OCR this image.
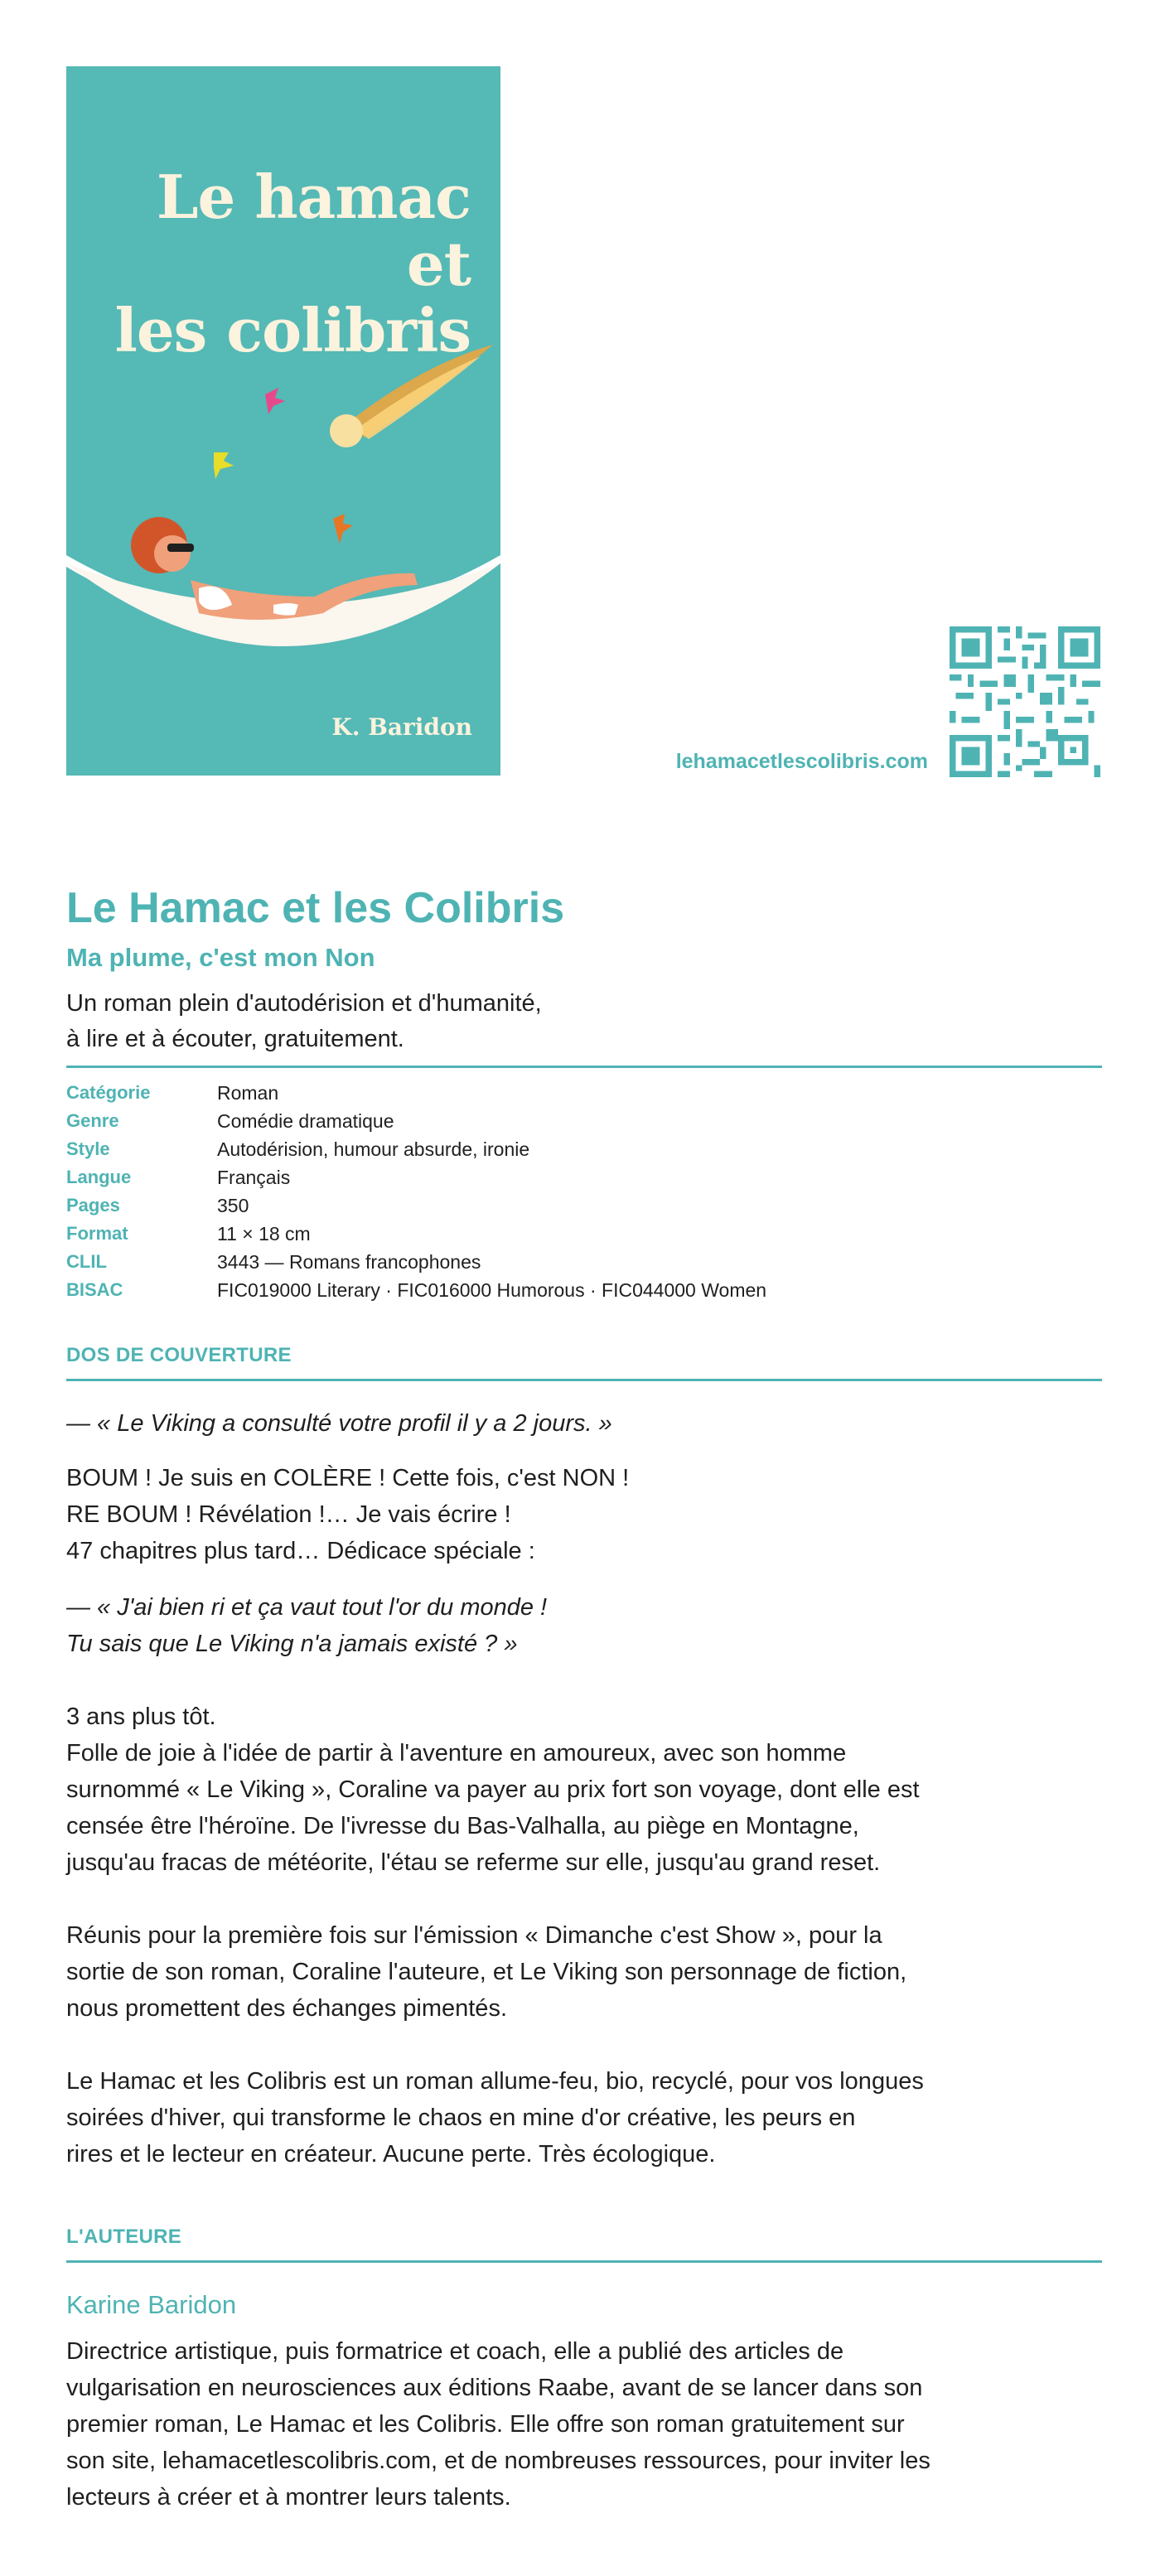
Le hamac et
les colibris
K. Baridon
lehamacetlescolibris.com
Le Hamac et les Colibris
Ma plume, c'est mon Non

Un roman plein d'autodérision et d'humanité,
à lire et à écouter, gratuitement.

Catégorie	Roman
Genre	Comédie dramatique
Style	Autodérision, humour absurde, ironie
Langue	Français
Pages	350
Format	11 × 18 cm
CLIL	3443 — Romans francophones
BISAC	FIC019000 Literary · FIC016000 Humorous · FIC044000 Women
DOS DE COUVERTURE

— « Le Viking a consulté votre profil il y a 2 jours. »

BOUM ! Je suis en COLÈRE ! Cette fois, c'est NON !
RE BOUM ! Révélation !… Je vais écrire !
47 chapitres plus tard… Dédicace spéciale :

— « J'ai bien ri et ça vaut tout l'or du monde !
Tu sais que Le Viking n'a jamais existé ? »

3 ans plus tôt.
Folle de joie à l'idée de partir à l'aventure en amoureux, avec son homme
surnommé « Le Viking », Coraline va payer au prix fort son voyage, dont elle est
censée être l'héroïne. De l'ivresse du Bas-Valhalla, au piège en Montagne,
jusqu'au fracas de météorite, l'étau se referme sur elle, jusqu'au grand reset.

Réunis pour la première fois sur l'émission « Dimanche c'est Show », pour la
sortie de son roman, Coraline l'auteure, et Le Viking son personnage de fiction,
nous promettent des échanges pimentés.

Le Hamac et les Colibris est un roman allume-feu, bio, recyclé, pour vos longues
soirées d'hiver, qui transforme le chaos en mine d'or créative, les peurs en
rires et le lecteur en créateur. Aucune perte. Très écologique.

L'AUTEURE

Karine Baridon

Directrice artistique, puis formatrice et coach, elle a publié des articles de
vulgarisation en neurosciences aux éditions Raabe, avant de se lancer dans son
premier roman, Le Hamac et les Colibris. Elle offre son roman gratuitement sur
son site, lehamacetlescolibris.com, et de nombreuses ressources, pour inviter les
lecteurs à créer et à montrer leurs talents.
